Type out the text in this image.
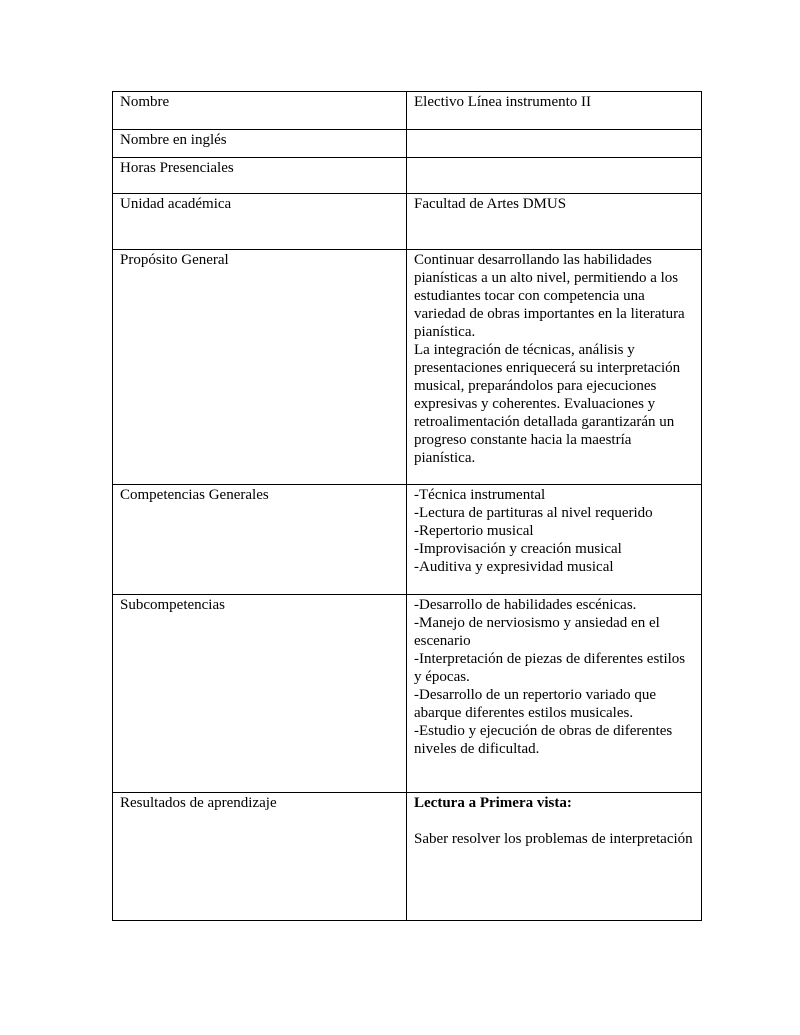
Nombre	Electivo Línea instrumento II
Nombre en inglés	
Horas Presenciales	
Unidad académica	Facultad de Artes DMUS
Propósito General	Continuar desarrollando las habilidades pianísticas a un alto nivel, permitiendo a los estudiantes tocar con competencia una variedad de obras importantes en la literatura pianística.

La integración de técnicas, análisis y presentaciones enriquecerá su interpretación musical, preparándolos para ejecuciones expresivas y coherentes. Evaluaciones y retroalimentación detallada garantizarán un progreso constante hacia la maestría pianística.

Competencias Generales	-Técnica instrumental
-Lectura de partituras al nivel requerido
-Repertorio musical
-Improvisación y creación musical
-Auditiva y expresividad musical

Subcompetencias	-Desarrollo de habilidades escénicas.
-Manejo de nerviosismo y ansiedad en el escenario
-Interpretación de piezas de diferentes estilos y épocas.
-Desarrollo de un repertorio variado que abarque diferentes estilos musicales.
-Estudio y ejecución de obras de diferentes niveles de dificultad.

Resultados de aprendizaje	Lectura a Primera vista:
Saber resolver los problemas de interpretación
